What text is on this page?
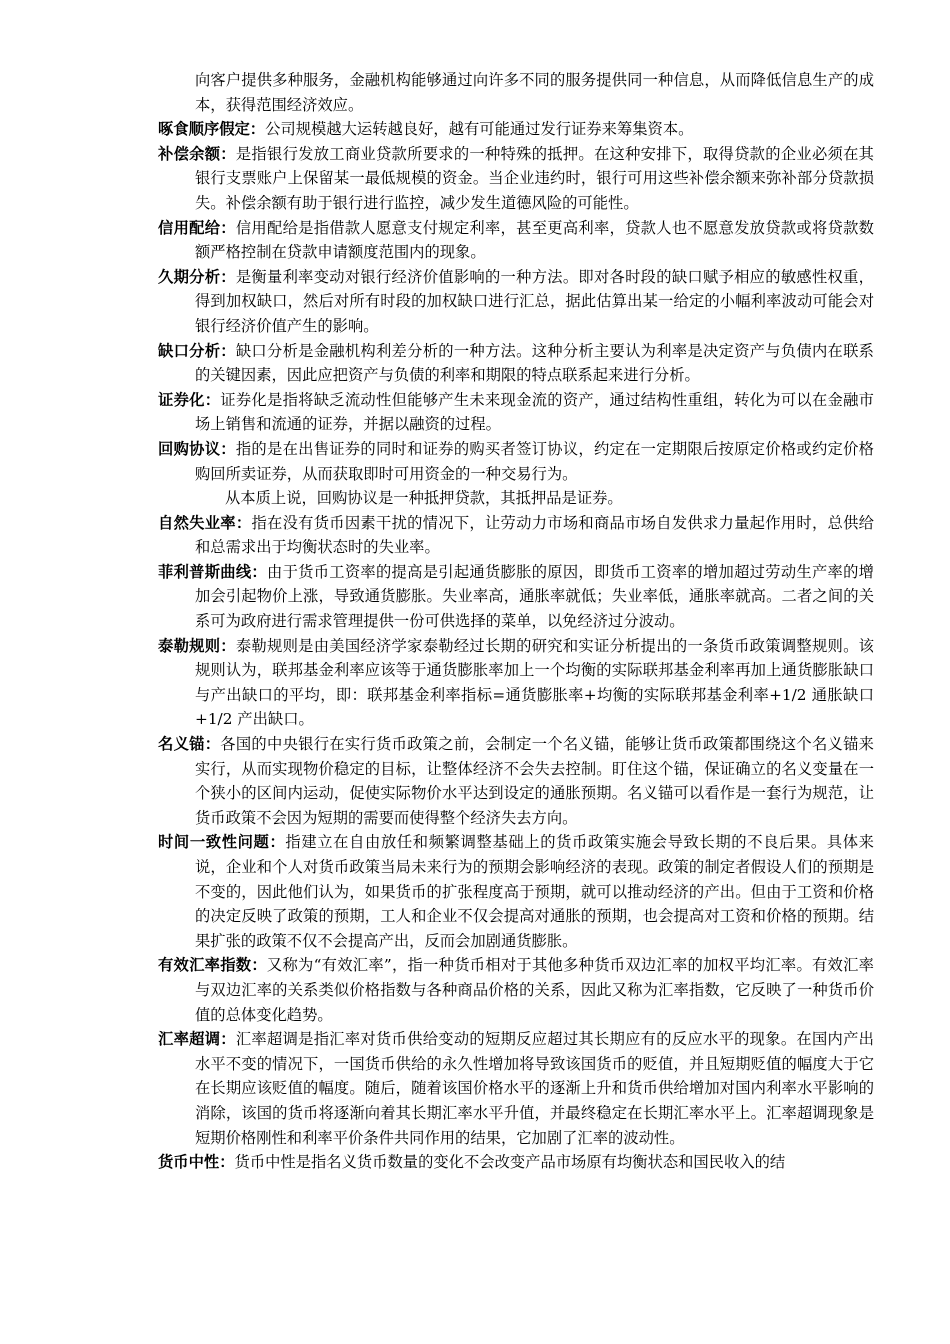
向客户提供多种服务，金融机构能够通过向许多不同的服务提供同一种信息，从而降低信息生产的成本，获得范围经济效应。

啄食顺序假定：公司规模越大运转越良好，越有可能通过发行证券来筹集资本。

补偿余额：是指银行发放工商业贷款所要求的一种特殊的抵押。在这种安排下，取得贷款的企业必须在其银行支票账户上保留某一最低规模的资金。当企业违约时，银行可用这些补偿余额来弥补部分贷款损失。补偿余额有助于银行进行监控，减少发生道德风险的可能性。

信用配给：信用配给是指借款人愿意支付规定利率，甚至更高利率，贷款人也不愿意发放贷款或将贷款数额严格控制在贷款申请额度范围内的现象。

久期分析：是衡量利率变动对银行经济价值影响的一种方法。即对各时段的缺口赋予相应的敏感性权重，得到加权缺口，然后对所有时段的加权缺口进行汇总，据此估算出某一给定的小幅利率波动可能会对银行经济价值产生的影响。

缺口分析：缺口分析是金融机构利差分析的一种方法。这种分析主要认为利率是决定资产与负债内在联系的关键因素，因此应把资产与负债的利率和期限的特点联系起来进行分析。

证券化：证券化是指将缺乏流动性但能够产生未来现金流的资产，通过结构性重组，转化为可以在金融市场上销售和流通的证券，并据以融资的过程。

回购协议：指的是在出售证券的同时和证券的购买者签订协议，约定在一定期限后按原定价格或约定价格购回所卖证券，从而获取即时可用资金的一种交易行为。

从本质上说，回购协议是一种抵押贷款，其抵押品是证券。

自然失业率：指在没有货币因素干扰的情况下，让劳动力市场和商品市场自发供求力量起作用时，总供给和总需求出于均衡状态时的失业率。

菲利普斯曲线：由于货币工资率的提高是引起通货膨胀的原因，即货币工资率的增加超过劳动生产率的增加会引起物价上涨，导致通货膨胀。失业率高，通胀率就低；失业率低，通胀率就高。二者之间的关系可为政府进行需求管理提供一份可供选择的菜单，以免经济过分波动。

泰勒规则：泰勒规则是由美国经济学家泰勒经过长期的研究和实证分析提出的一条货币政策调整规则。该规则认为，联邦基金利率应该等于通货膨胀率加上一个均衡的实际联邦基金利率再加上通货膨胀缺口与产出缺口的平均，即：联邦基金利率指标=通货膨胀率+均衡的实际联邦基金利率+1/2 通胀缺口+1/2 产出缺口。

名义锚：各国的中央银行在实行货币政策之前，会制定一个名义锚，能够让货币政策都围绕这个名义锚来实行，从而实现物价稳定的目标，让整体经济不会失去控制。盯住这个锚，保证确立的名义变量在一个狭小的区间内运动，促使实际物价水平达到设定的通胀预期。名义锚可以看作是一套行为规范，让货币政策不会因为短期的需要而使得整个经济失去方向。

时间一致性问题：指建立在自由放任和频繁调整基础上的货币政策实施会导致长期的不良后果。具体来说，企业和个人对货币政策当局未来行为的预期会影响经济的表现。政策的制定者假设人们的预期是不变的，因此他们认为，如果货币的扩张程度高于预期，就可以推动经济的产出。但由于工资和价格的决定反映了政策的预期，工人和企业不仅会提高对通胀的预期，也会提高对工资和价格的预期。结果扩张的政策不仅不会提高产出，反而会加剧通货膨胀。

有效汇率指数：又称为“有效汇率”，指一种货币相对于其他多种货币双边汇率的加权平均汇率。有效汇率与双边汇率的关系类似价格指数与各种商品价格的关系，因此又称为汇率指数，它反映了一种货币价值的总体变化趋势。

汇率超调：汇率超调是指汇率对货币供给变动的短期反应超过其长期应有的反应水平的现象。在国内产出水平不变的情况下，一国货币供给的永久性增加将导致该国货币的贬值，并且短期贬值的幅度大于它在长期应该贬值的幅度。随后，随着该国价格水平的逐渐上升和货币供给增加对国内利率水平影响的消除，该国的货币将逐渐向着其长期汇率水平升值，并最终稳定在长期汇率水平上。汇率超调现象是短期价格刚性和利率平价条件共同作用的结果，它加剧了汇率的波动性。

货币中性：货币中性是指名义货币数量的变化不会改变产品市场原有均衡状态和国民收入的结
